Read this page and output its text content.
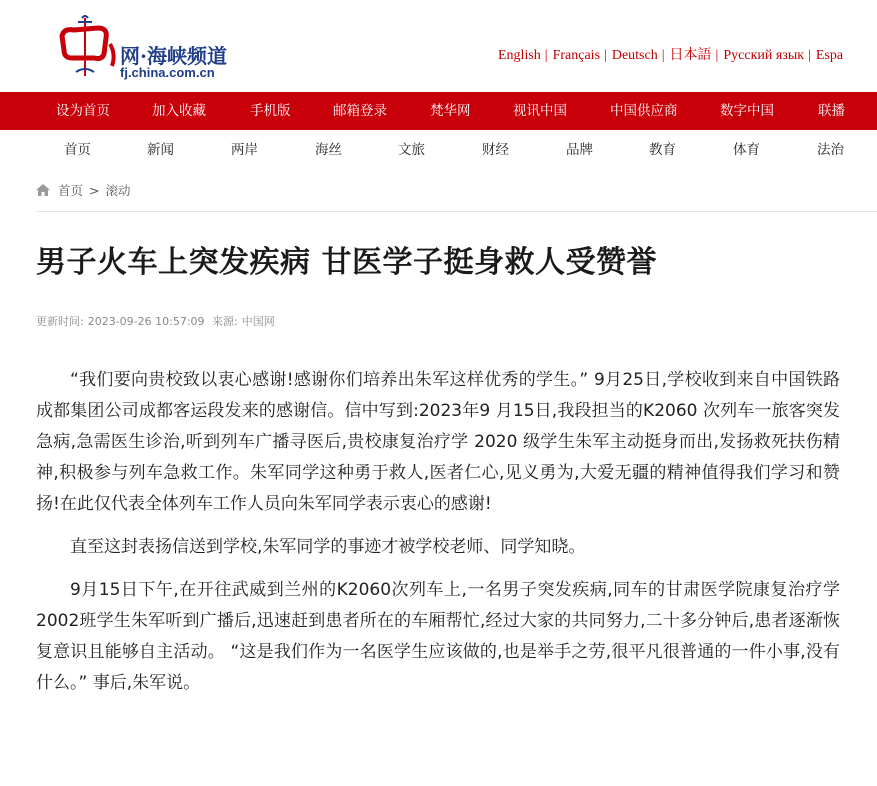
网·海峡频道
fj.china.com.cn
English | Français | Deutsch | 日本語 | Русский язык | Espa
设为首页	加入收藏	手机版	邮箱登录	梵华网	视讯中国	中国供应商	数字中国	联播
首页	新闻	两岸	海丝	文旅	财经	品牌	教育	体育	法治
首页 > 滚动
男子火车上突发疾病 甘医学子挺身救人受赞誉
更新时间: 2023-09-26 10:57:09 来源: 中国网

“我们要向贵校致以衷心感谢!感谢你们培养出朱军这样优秀的学生。” 9月25日,学校收到来自中国铁路成都集团公司成都客运段发来的感谢信。信中写到:2023年9 月15日,我段担当的K2060 次列车一旅客突发急病,急需医生诊治,听到列车广播寻医后,贵校康复治疗学 2020 级学生朱军主动挺身而出,发扬救死扶伤精神,积极参与列车急救工作。朱军同学这种勇于救人,医者仁心,见义勇为,大爱无疆的精神值得我们学习和赞扬!在此仅代表全体列车工作人员向朱军同学表示衷心的感谢!

直至这封表扬信送到学校,朱军同学的事迹才被学校老师、同学知晓。

9月15日下午,在开往武威到兰州的K2060次列车上,一名男子突发疾病,同车的甘肃医学院康复治疗学2002班学生朱军听到广播后,迅速赶到患者所在的车厢帮忙,经过大家的共同努力,二十多分钟后,患者逐渐恢复意识且能够自主活动。 “这是我们作为一名医学生应该做的,也是举手之劳,很平凡很普通的一件小事,没有什么。” 事后,朱军说。
